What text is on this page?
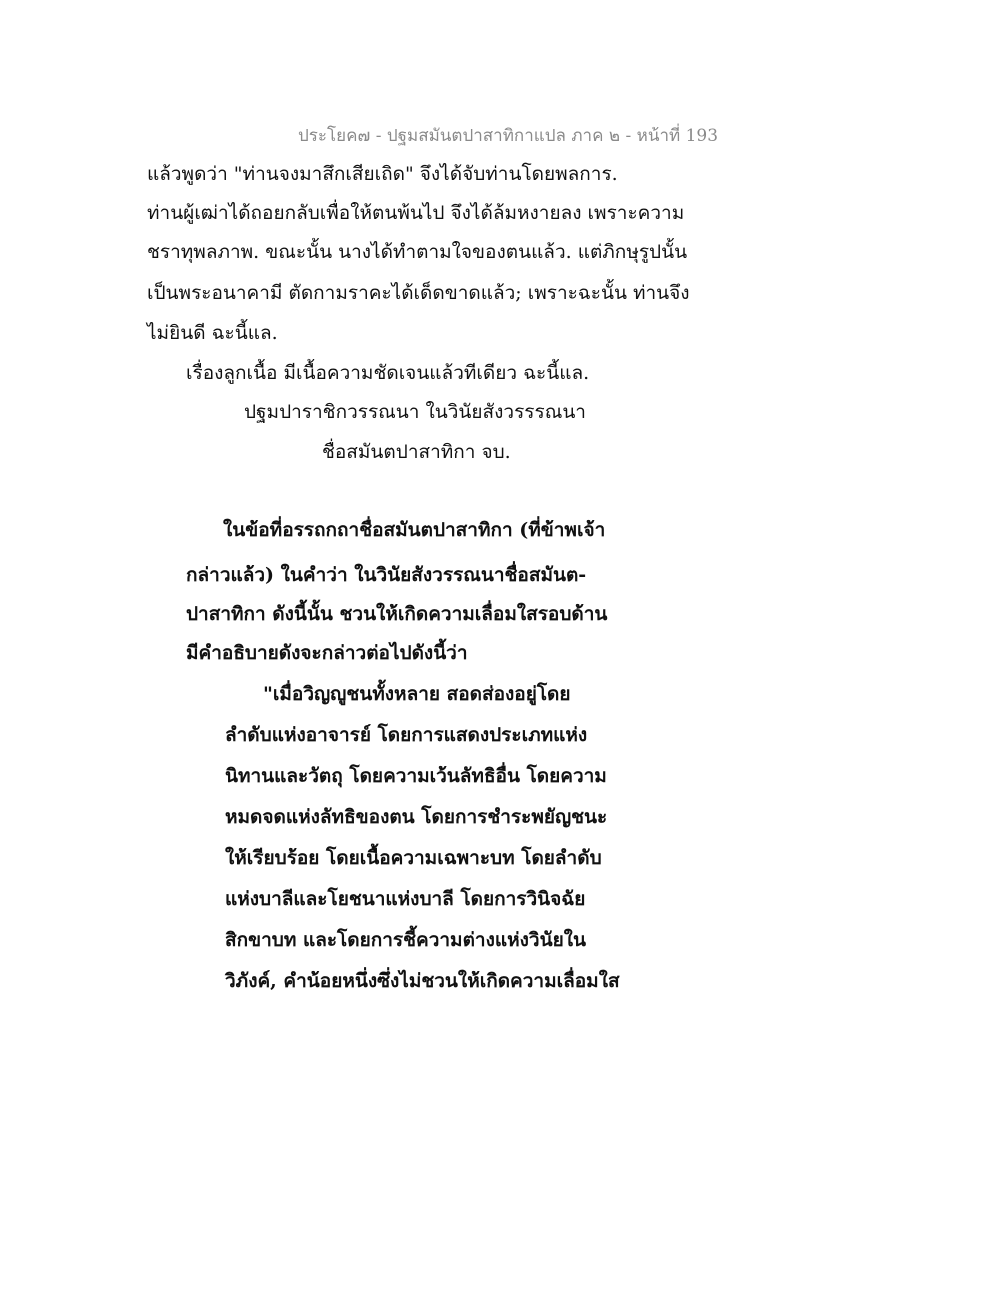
ประโยค๗ - ปฐมสมันตปาสาทิกาแปล ภาค ๒ - หน้าที่ 193
แล้วพูดว่า "ท่านจงมาสึกเสียเถิด" จึงได้จับท่านโดยพลการ.
ท่านผู้เฒ่าได้ถอยกลับเพื่อให้ตนพ้นไป จึงได้ล้มหงายลง เพราะความ
ชราทุพลภาพ. ขณะนั้น นางได้ทำตามใจของตนแล้ว. แต่ภิกษุรูปนั้น
เป็นพระอนาคามี ตัดกามราคะได้เด็ดขาดแล้ว; เพราะฉะนั้น ท่านจึง
ไม่ยินดี ฉะนี้แล.
เรื่องลูกเนื้อ มีเนื้อความชัดเจนแล้วทีเดียว ฉะนี้แล.
ปฐมปาราชิกวรรณนา ในวินัยสังวรรรณนา
ชื่อสมันตปาสาทิกา จบ.
ในข้อที่อรรถกถาชื่อสมันตปาสาทิกา (ที่ข้าพเจ้า
กล่าวแล้ว) ในคำว่า ในวินัยสังวรรณนาชื่อสมันต-
ปาสาทิกา ดังนี้นั้น ชวนให้เกิดความเลื่อมใสรอบด้าน
มีคำอธิบายดังจะกล่าวต่อไปดังนี้ว่า
"เมื่อวิญญูชนทั้งหลาย สอดส่องอยู่โดย
ลำดับแห่งอาจารย์ โดยการแสดงประเภทแห่ง
นิทานและวัตถุ โดยความเว้นลัทธิอื่น โดยความ
หมดจดแห่งลัทธิของตน โดยการชำระพยัญชนะ
ให้เรียบร้อย โดยเนื้อความเฉพาะบท โดยลำดับ
แห่งบาลีและโยชนาแห่งบาลี โดยการวินิจฉัย
สิกขาบท และโดยการชี้ความต่างแห่งวินัยใน
วิภังค์, คำน้อยหนึ่งซึ่งไม่ชวนให้เกิดความเลื่อมใส
